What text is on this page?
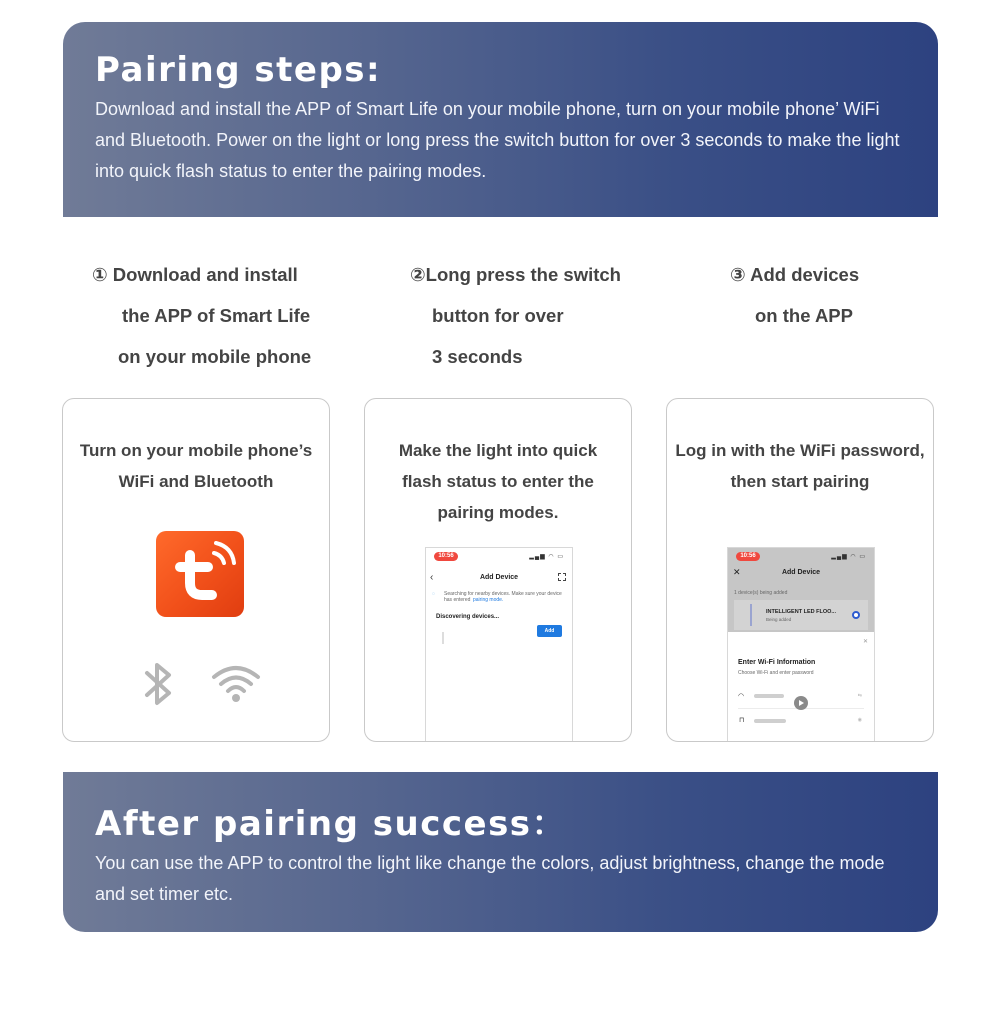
Pairing steps:

Download and install the APP of Smart Life on your mobile phone, turn on your mobile phone’ WiFi and Bluetooth. Power on the light or long press the switch button for over 3 seconds to make the light into quick flash status to enter the pairing modes.

① Download and install
the APP of Smart Life
on your mobile phone
②Long press the switch
button for over
3 seconds
③ Add devices
on the APP
Turn on your mobile phone’s
WiFi and Bluetooth
Make the light into quick
flash status to enter the
pairing modes.
10:56	▂▄▆ ◠ ▭
‹	Add Device
◌ Searching for nearby devices. Make sure your device
has entered pairing mode.
Discovering devices...
Add
Log in with the WiFi password,
then start pairing
10:56	▂▄▆ ◠ ▭
✕	Add Device
1 device(s) being added
INTELLIGENT LED FLOO...
Being added
✕
Enter Wi-Fi Information
Choose Wi-Fi and enter password
◠	⇆
⊓	◉
After pairing success：

You can use the APP to control the light like change the colors, adjust brightness, change the mode and set timer etc.
